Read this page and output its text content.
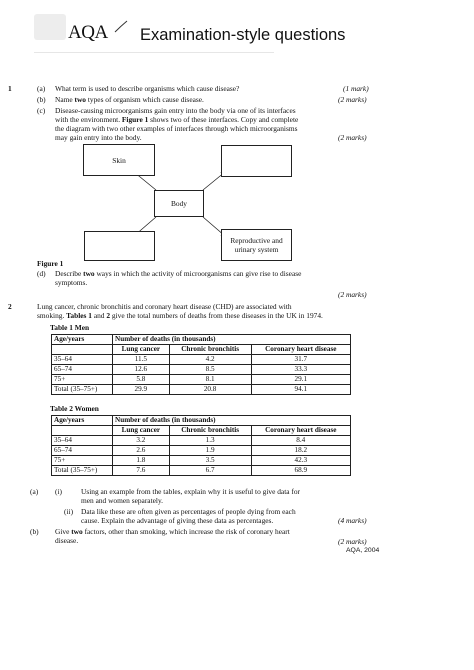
AQA Examination-style questions
1	(a) What term is used to describe organisms which cause disease?	(1 mark)
(b) Name two types of organism which cause disease.	(2 marks)
(c) Disease-causing microorganisms gain entry into the body via one of its interfaces
with the environment. Figure 1 shows two of these interfaces. Copy and complete
the diagram with two other examples of interfaces through which microorganisms
may gain entry into the body.	(2 marks)
Skin
Body
Reproductive and
urinary system
Figure 1
(d) Describe two ways in which the activity of microorganisms can give rise to disease
symptoms.
(2 marks)
2	Lung cancer, chronic bronchitis and coronary heart disease (CHD) are associated with
smoking. Tables 1 and 2 give the total numbers of deaths from these diseases in the UK in 1974.
Table 1 Men
Age/years	Number of deaths (in thousands)		
	Lung cancer	Chronic bronchitis	Coronary heart disease
35–64	11.5	4.2	31.7
65–74	12.6	8.5	33.3
75+	5.8	8.1	29.1
Total (35–75+)	29.9	20.8	94.1
Table 2 Women
Age/years	Number of deaths (in thousands)		
	Lung cancer	Chronic bronchitis	Coronary heart disease
35–64	3.2	1.3	8.4
65–74	2.6	1.9	18.2
75+	1.8	3.5	42.3
Total (35–75+)	7.6	6.7	68.9
(a) (i)	Using an example from the tables, explain why it is useful to give data for
men and women separately.
(ii) Data like these are often given as percentages of people dying from each
cause. Explain the advantage of giving these data as percentages.	(4 marks)
(b) Give two factors, other than smoking, which increase the risk of coronary heart
disease.	(2 marks)
AQA, 2004
